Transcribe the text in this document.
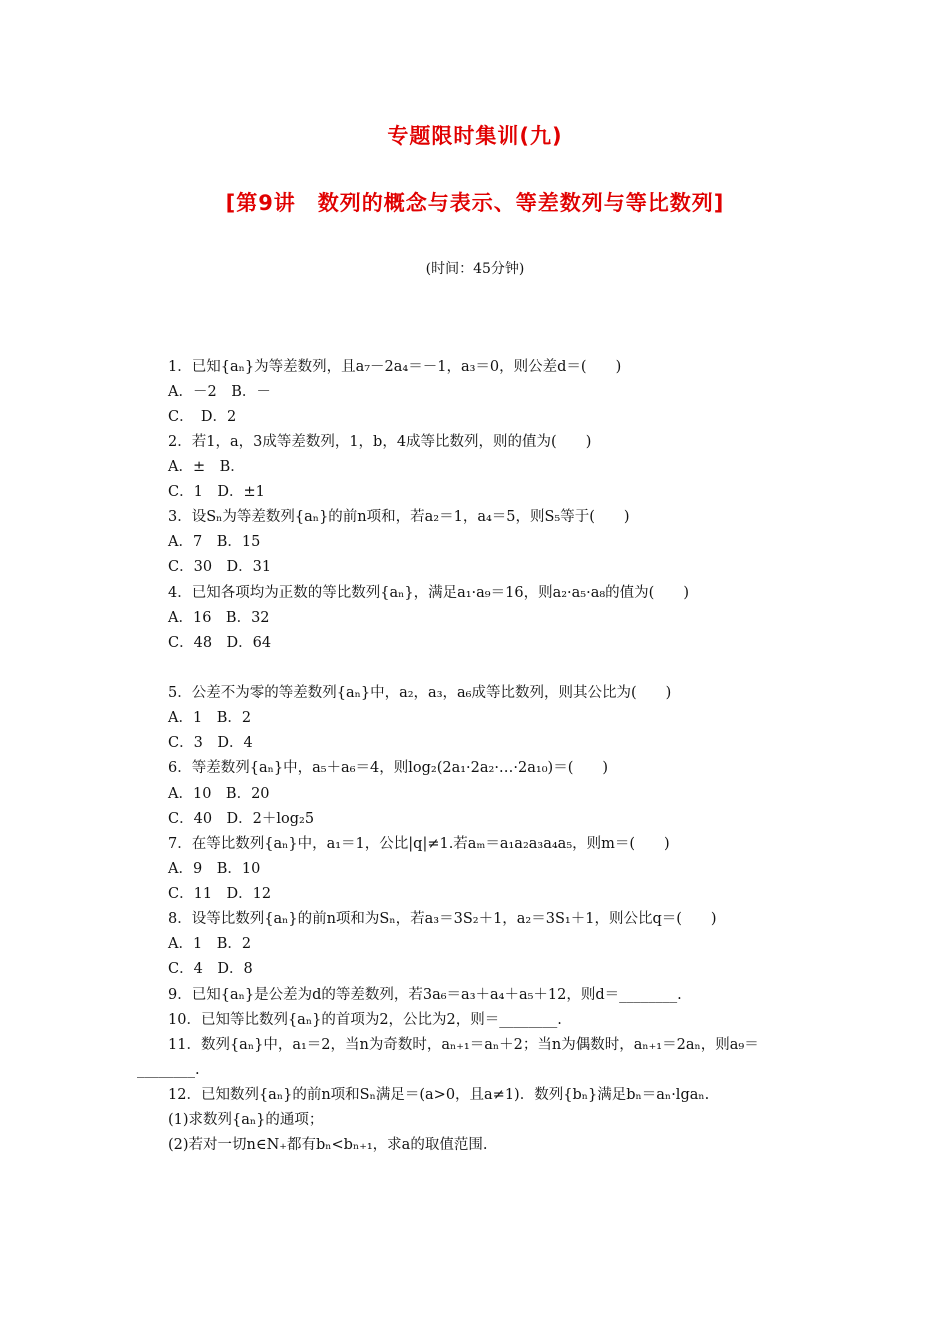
专题限时集训(九)
[第9讲　数列的概念与表示、等差数列与等比数列]
(时间：45分钟)
1．已知{aₙ}为等差数列，且a₇－2a₄＝－1，a₃＝0，则公差d＝(　　)
A．－2　B．－
C．　D．2
2．若1，a，3成等差数列，1，b，4成等比数列，则的值为(　　)
A．±　B．
C．1　D．±1
3．设Sₙ为等差数列{aₙ}的前n项和，若a₂＝1，a₄＝5，则S₅等于(　　)
A．7　B．15
C．30　D．31
4．已知各项均为正数的等比数列{aₙ}，满足a₁·a₉＝16，则a₂·a₅·a₈的值为(　　)
A．16　B．32
C．48　D．64
5．公差不为零的等差数列{aₙ}中，a₂，a₃，a₆成等比数列，则其公比为(　　)
A．1　B．2
C．3　D．4
6．等差数列{aₙ}中，a₅＋a₆＝4，则log₂(2a₁·2a₂·…·2a₁₀)＝(　　)
A．10　B．20
C．40　D．2＋log₂5
7．在等比数列{aₙ}中，a₁＝1，公比|q|≠1.若aₘ＝a₁a₂a₃a₄a₅，则m＝(　　)
A．9　B．10
C．11　D．12
8．设等比数列{aₙ}的前n项和为Sₙ，若a₃＝3S₂＋1，a₂＝3S₁＋1，则公比q＝(　　)
A．1　B．2
C．4　D．8
9．已知{aₙ}是公差为d的等差数列，若3a₆＝a₃＋a₄＋a₅＋12，则d＝________.
10．已知等比数列{aₙ}的首项为2，公比为2，则＝________.
11．数列{aₙ}中，a₁＝2，当n为奇数时，aₙ₊₁＝aₙ＋2；当n为偶数时，aₙ₊₁＝2aₙ，则a₉＝
________.
12．已知数列{aₙ}的前n项和Sₙ满足＝(a>0，且a≠1)．数列{bₙ}满足bₙ＝aₙ·lgaₙ.
(1)求数列{aₙ}的通项；
(2)若对一切n∈N₊都有bₙ<bₙ₊₁，求a的取值范围.
